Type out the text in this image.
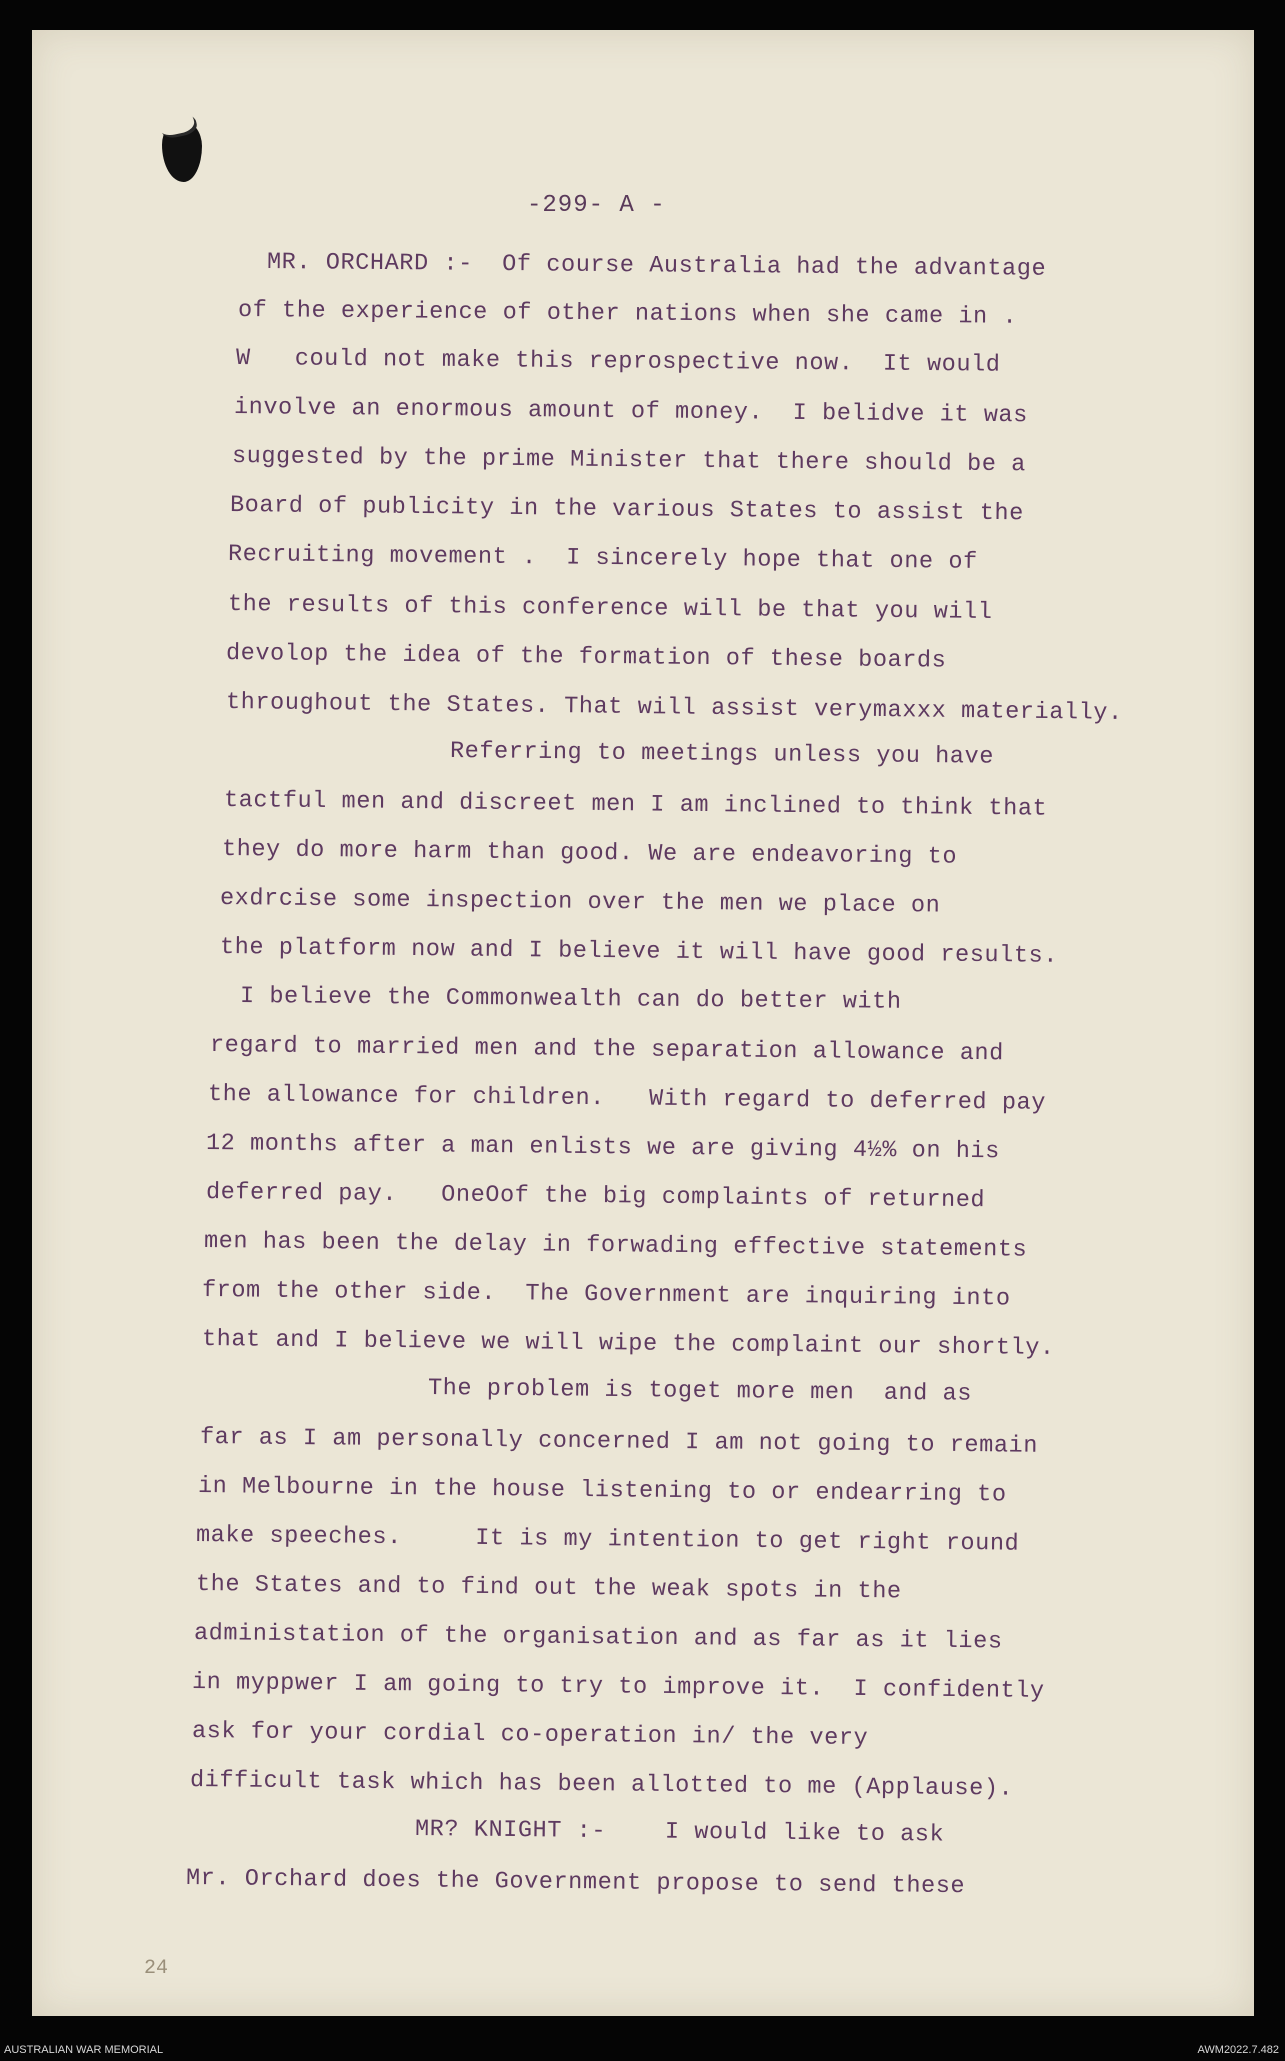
-299- A -
MR. ORCHARD :-  Of course Australia had the advantage
of the experience of other nations when she came in .
W   could not make this reprospective now.  It would
involve an enormous amount of money.  I belidve it was
suggested by the prime Minister that there should be a
Board of publicity in the various States to assist the
Recruiting movement .  I sincerely hope that one of
the results of this conference will be that you will
devolop the idea of the formation of these boards
throughout the States. That will assist verymaxxx materially.
Referring to meetings unless you have
tactful men and discreet men I am inclined to think that
they do more harm than good. We are endeavoring to
exdrcise some inspection over the men we place on
the platform now and I believe it will have good results.
I believe the Commonwealth can do better with
regard to married men and the separation allowance and
the allowance for children.   With regard to deferred pay
12 months after a man enlists we are giving 4½% on his
deferred pay.   OneOof the big complaints of returned
men has been the delay in forwading effective statements
from the other side.  The Government are inquiring into
that and I believe we will wipe the complaint our shortly.
The problem is toget more men  and as
far as I am personally concerned I am not going to remain
in Melbourne in the house listening to or endearring to
make speeches.     It is my intention to get right round
the States and to find out the weak spots in the
administation of the organisation and as far as it lies
in myppwer I am going to try to improve it.  I confidently
ask for your cordial co-operation in/ the very
difficult task which has been allotted to me (Applause).
MR? KNIGHT :-    I would like to ask
Mr. Orchard does the Government propose to send these
24
AUSTRALIAN WAR MEMORIAL	AWM2022.7.482
